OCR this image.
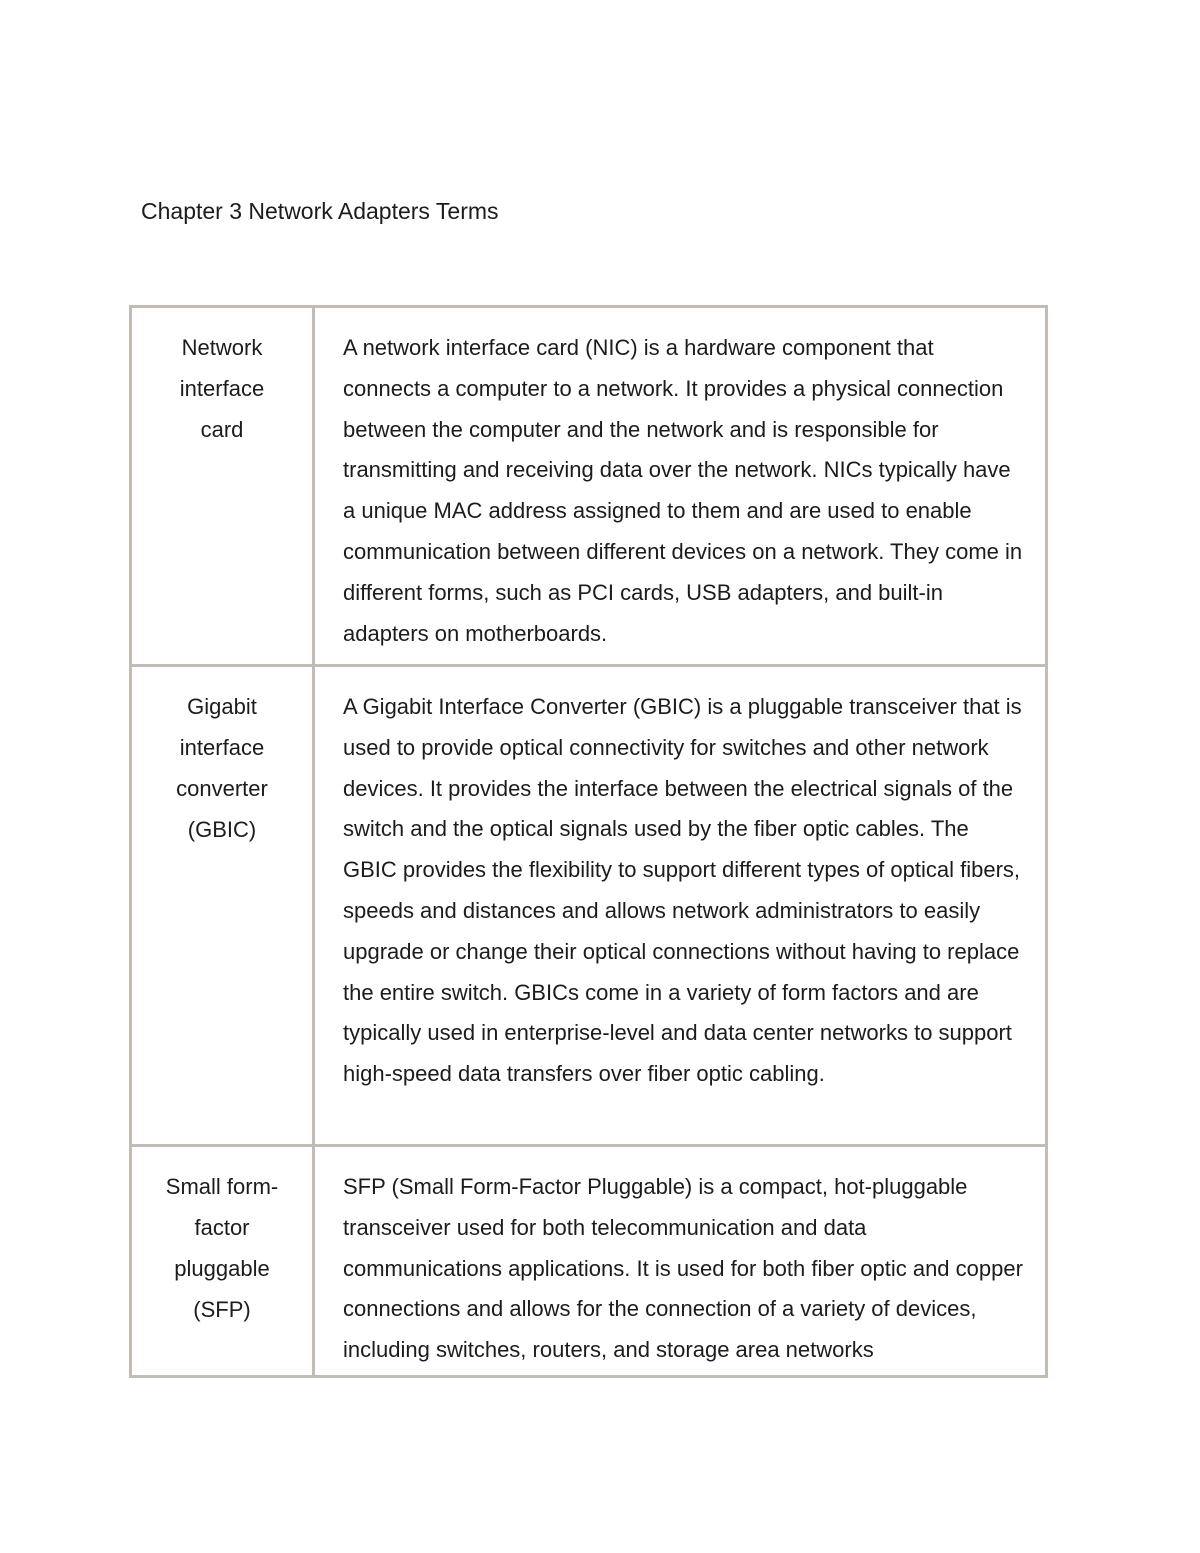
Chapter 3 Network Adapters Terms
Network interface card	A network interface card (NIC) is a hardware component that connects a computer to a network. It provides a physical connection between the computer and the network and is responsible for transmitting and receiving data over the network. NICs typically have a unique MAC address assigned to them and are used to enable communication between different devices on a network. They come in different forms, such as PCI cards, USB adapters, and built-in adapters on motherboards.

Gigabit interface converter (GBIC)	A Gigabit Interface Converter (GBIC) is a pluggable transceiver that is used to provide optical connectivity for switches and other network devices. It provides the interface between the electrical signals of the switch and the optical signals used by the fiber optic cables. The GBIC provides the flexibility to support different types of optical fibers, speeds and distances and allows network administrators to easily upgrade or change their optical connections without having to replace the entire switch. GBICs come in a variety of form factors and are typically used in enterprise-level and data center networks to support high-speed data transfers over fiber optic cabling.

Small form-factor pluggable (SFP)	SFP (Small Form-Factor Pluggable) is a compact, hot-pluggable transceiver used for both telecommunication and data communications applications. It is used for both fiber optic and copper connections and allows for the connection of a variety of devices, including switches, routers, and storage area networks
